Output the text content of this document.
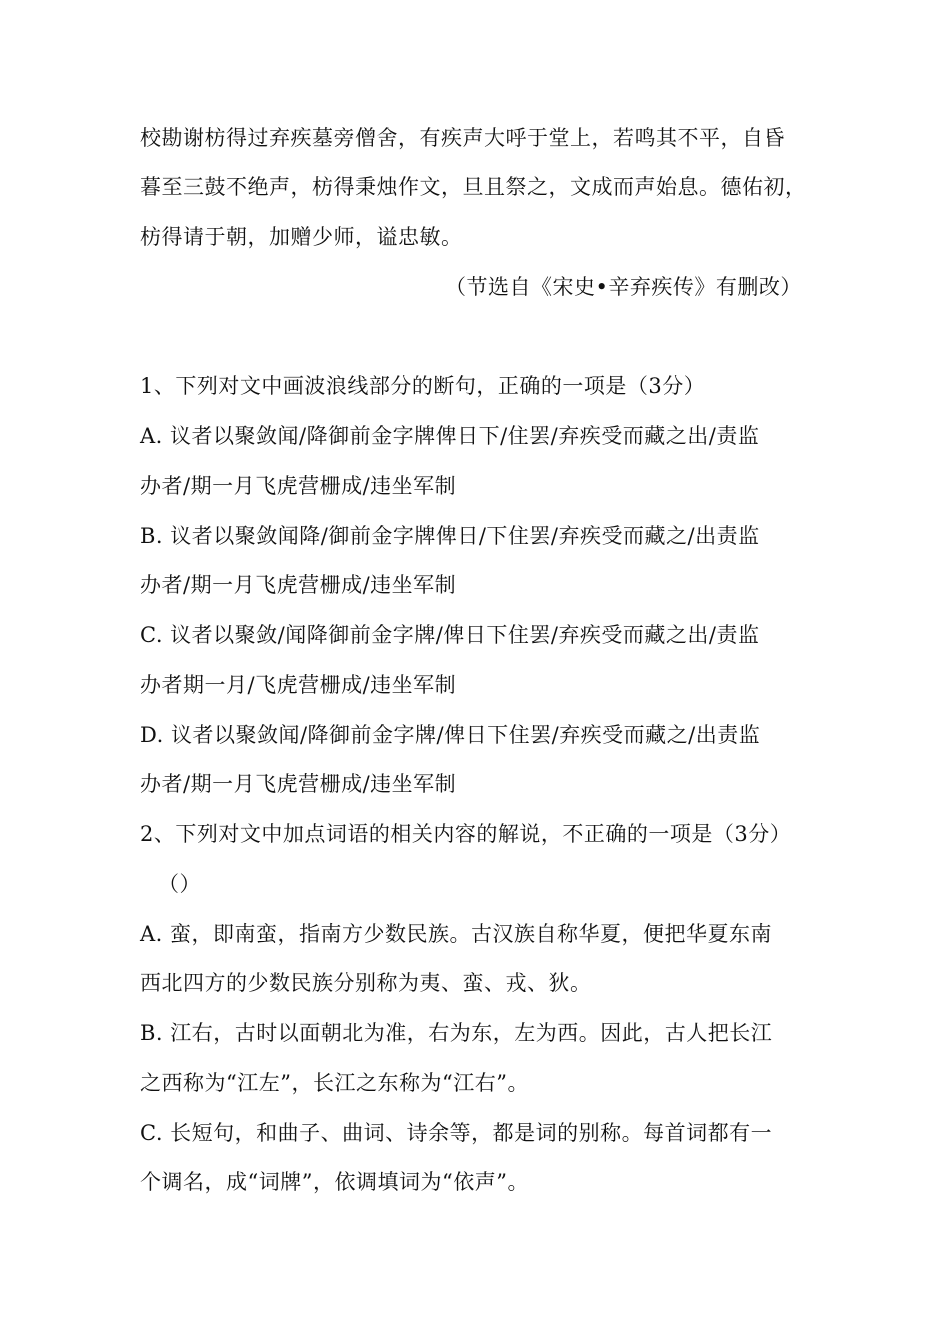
校勘谢枋得过弃疾墓旁僧舍，有疾声大呼于堂上，若鸣其不平，自昏
暮至三鼓不绝声，枋得秉烛作文，旦且祭之，文成而声始息。德佑初，
枋得请于朝，加赠少师，谥忠敏。
（节选自《宋史•辛弃疾传》有删改）
1、下列对文中画波浪线部分的断句，正确的一项是（3分）
A. 议者以聚敛闻/降御前金字牌俾日下/住罢/弃疾受而藏之出/责监
办者/期一月飞虎营栅成/违坐军制
B. 议者以聚敛闻降/御前金字牌俾日/下住罢/弃疾受而藏之/出责监
办者/期一月飞虎营栅成/违坐军制
C. 议者以聚敛/闻降御前金字牌/俾日下住罢/弃疾受而藏之出/责监
办者期一月/飞虎营栅成/违坐军制
D. 议者以聚敛闻/降御前金字牌/俾日下住罢/弃疾受而藏之/出责监
办者/期一月飞虎营栅成/违坐军制
2、下列对文中加点词语的相关内容的解说，不正确的一项是（3分）
（）
A. 蛮，即南蛮，指南方少数民族。古汉族自称华夏，便把华夏东南
西北四方的少数民族分别称为夷、蛮、戎、狄。
B. 江右，古时以面朝北为准，右为东，左为西。因此，古人把长江
之西称为“江左”，长江之东称为“江右”。
C. 长短句，和曲子、曲词、诗余等，都是词的别称。每首词都有一
个调名，成“词牌”，依调填词为“依声”。
